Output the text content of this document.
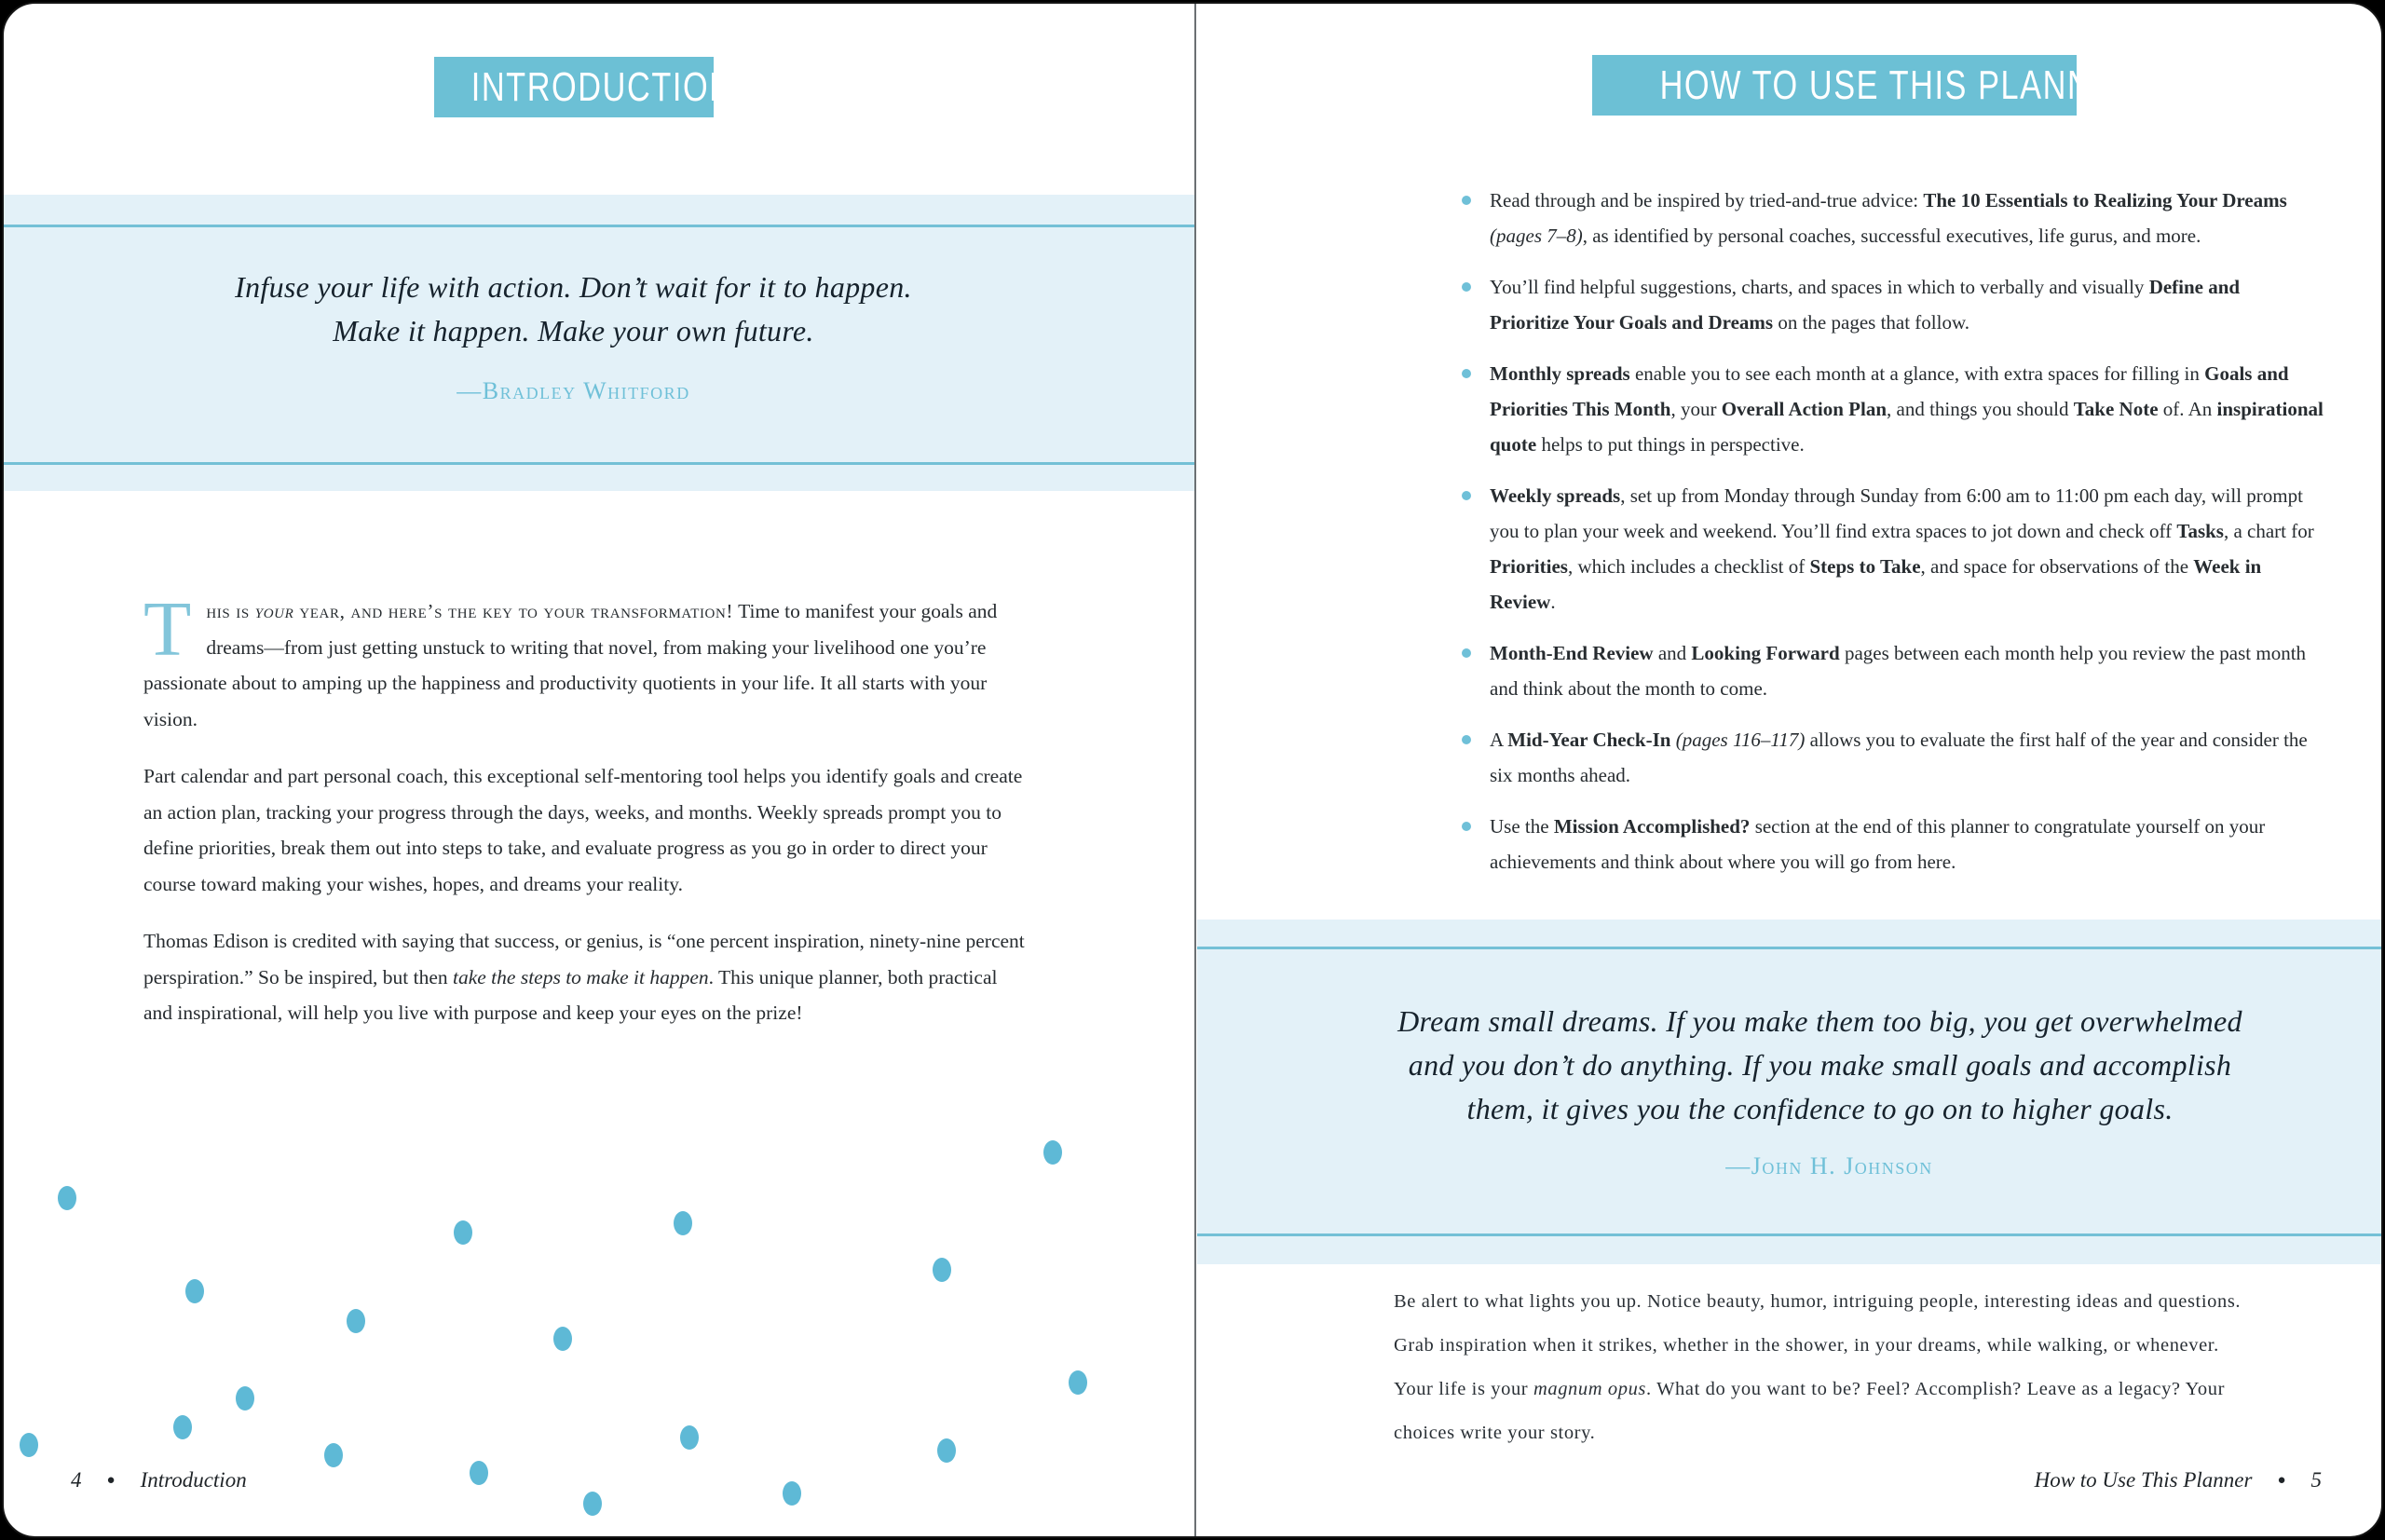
INTRODUCTION
Infuse your life with action. Don’t wait for it to happen.
Make it happen. Make your own future.
—Bradley Whitford

This is your year, and here’s the key to your transformation! Time to manifest your goals and dreams—from just getting unstuck to writing that novel, from making your livelihood one you’re passionate about to amping up the happiness and productivity quotients in your life. It all starts with your vision.

Part calendar and part personal coach, this exceptional self-mentoring tool helps you identify goals and create an action plan, tracking your progress through the days, weeks, and months. Weekly spreads prompt you to define priorities, break them out into steps to take, and evaluate progress as you go in order to direct your course toward making your wishes, hopes, and dreams your reality.

Thomas Edison is credited with saying that success, or genius, is “one percent inspiration, ninety-nine percent perspiration.” So be inspired, but then take the steps to make it happen. This unique planner, both practical and inspirational, will help you live with purpose and keep your eyes on the prize!

4 ● Introduction
HOW TO USE THIS PLANNER
Read through and be inspired by tried-and-true advice: The 10 Essentials to Realizing Your Dreams (pages 7–8), as identified by personal coaches, successful executives, life gurus, and more.
You’ll find helpful suggestions, charts, and spaces in which to verbally and visually Define and Prioritize Your Goals and Dreams on the pages that follow.
Monthly spreads enable you to see each month at a glance, with extra spaces for filling in Goals and Priorities This Month, your Overall Action Plan, and things you should Take Note of. An inspirational quote helps to put things in perspective.
Weekly spreads, set up from Monday through Sunday from 6:00 am to 11:00 pm each day, will prompt you to plan your week and weekend. You’ll find extra spaces to jot down and check off Tasks, a chart for Priorities, which includes a checklist of Steps to Take, and space for observations of the Week in Review.
Month-End Review and Looking Forward pages between each month help you review the past month and think about the month to come.
A Mid-Year Check-In (pages 116–117) allows you to evaluate the first half of the year and consider the six months ahead.
Use the Mission Accomplished? section at the end of this planner to congratulate yourself on your achievements and think about where you will go from here.
Dream small dreams. If you make them too big, you get overwhelmed
and you don’t do anything. If you make small goals and accomplish
them, it gives you the confidence to go on to higher goals.
—John H. Johnson
Be alert to what lights you up. Notice beauty, humor, intriguing people, interesting ideas and questions. Grab inspiration when it strikes, whether in the shower, in your dreams, while walking, or whenever. Your life is your magnum opus. What do you want to be? Feel? Accomplish? Leave as a legacy? Your choices write your story.
How to Use This Planner ● 5
